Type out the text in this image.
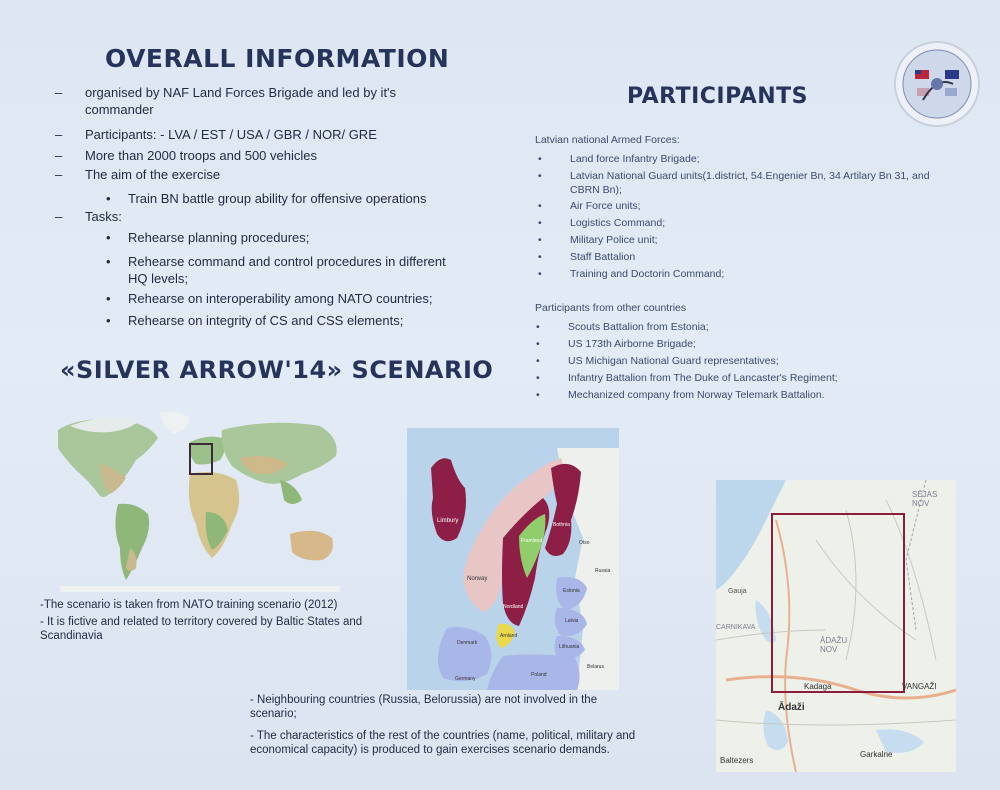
OVERALL INFORMATION
PARTICIPANTS
«SILVER ARROW'14» SCENARIO
– organised by NAF Land Forces Brigade and led by it's commander
– Participants: - LVA / EST / USA / GBR / NOR/ GRE
– More than 2000 troops and 500 vehicles
– The aim of the exercise
• Train BN battle group ability for offensive operations
– Tasks:
• Rehearse planning procedures;
• Rehearse command and control procedures in different HQ levels;
• Rehearse on interoperability among NATO countries;
• Rehearse on integrity of CS and CSS elements;
Latvian national Armed Forces:
•	Land force Infantry Brigade;
•	Latvian National Guard units(1.district, 54.Engenier Bn, 34 Artilary Bn 31, and CBRN Bn);
•	Air Force units;
•	Logistics Command;
•	Military Police unit;
•	Staff Battalion
•	Training and Doctorin Command;
Participants from other countries
•	Scouts Battalion from Estonia;
•	US 173th Airborne Brigade;
•	US Michigan National Guard representatives;
•	Infantry Battalion from The Duke of Lancaster's Regiment;
•	Mechanized company from Norway Telemark Battalion.
-The scenario is taken from NATO training scenario (2012)
- It is fictive and related to territory covered by Baltic States and Scandinavia
Limbury
Norway
Framland
Bothnia
Otso
Russia
Nordland
Estonia
Latvia
Arnland
Lithuania
Denmark
Belarus
Poland
Germany
- Neighbouring countries (Russia, Belorussia) are not involved in the scenario;
- The characteristics of the rest of the countries (name, political, military and economical capacity) is produced to gain exercises scenario demands.
SĒJAS NOV
Gauja
CARNIKAVA
ĀDAŽU NOV
Kadaga	VANGAŽI
Ādaži
Garkalne
Baltezers
